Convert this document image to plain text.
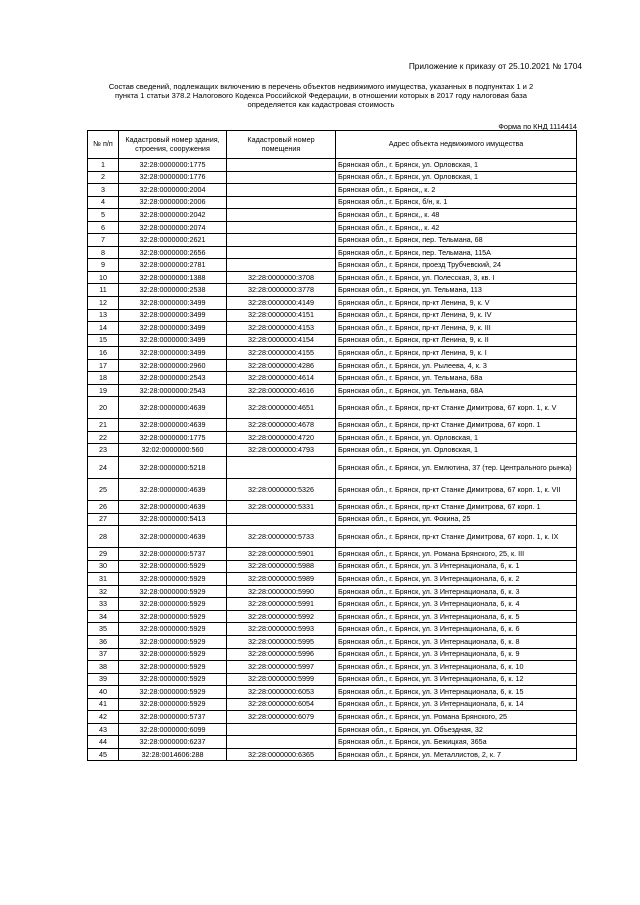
Приложение к приказу от 25.10.2021 № 1704
Состав сведений, подлежащих включению в перечень объектов недвижимого имущества, указанных в подпунктах 1 и 2 пункта 1 статьи 378.2 Налогового Кодекса Российской Федерации, в отношении которых в 2017 году налоговая база определяется как кадастровая стоимость
Форма по КНД 1114414
№ п/п	Кадастровый номер здания, строения, сооружения	Кадастровый номер помещения	Адрес объекта недвижимого имущества
1	32:28:0000000:1775		Брянская обл., г. Брянск, ул. Орловская, 1
2	32:28:0000000:1776		Брянская обл., г. Брянск, ул. Орловская, 1
3	32:28:0000000:2004		Брянская обл., г. Брянск,, к. 2
4	32:28:0000000:2006		Брянская обл., г. Брянск, б/н, к. 1
5	32:28:0000000:2042		Брянская обл., г. Брянск,, к. 48
6	32:28:0000000:2074		Брянская обл., г. Брянск,, к. 42
7	32:28:0000000:2621		Брянская обл., г. Брянск, пер. Тельмана, 68
8	32:28:0000000:2656		Брянская обл., г. Брянск, пер. Тельмана, 115А
9	32:28:0000000:2781		Брянская обл., г. Брянск, проезд Трубчевский, 24
10	32:28:0000000:1388	32:28:0000000:3708	Брянская обл., г. Брянск, ул. Полесская, 3, кв. I
11	32:28:0000000:2538	32:28:0000000:3778	Брянская обл., г. Брянск, ул. Тельмана, 113
12	32:28:0000000:3499	32:28:0000000:4149	Брянская обл., г. Брянск, пр-кт Ленина, 9, к. V
13	32:28:0000000:3499	32:28:0000000:4151	Брянская обл., г. Брянск, пр-кт Ленина, 9, к. IV
14	32:28:0000000:3499	32:28:0000000:4153	Брянская обл., г. Брянск, пр-кт Ленина, 9, к. III
15	32:28:0000000:3499	32:28:0000000:4154	Брянская обл., г. Брянск, пр-кт Ленина, 9, к. II
16	32:28:0000000:3499	32:28:0000000:4155	Брянская обл., г. Брянск, пр-кт Ленина, 9, к. I
17	32:28:0000000:2960	32:28:0000000:4286	Брянская обл., г. Брянск, ул. Рылеева, 4, к. 3
18	32:28:0000000:2543	32:28:0000000:4614	Брянская обл., г. Брянск, ул. Тельмана, 68а
19	32:28:0000000:2543	32:28:0000000:4616	Брянская обл., г. Брянск, ул. Тельмана, 68А
20	32:28:0000000:4639	32:28:0000000:4651	Брянская обл., г. Брянск, пр-кт Станке Димитрова, 67 корп. 1, к. V
21	32:28:0000000:4639	32:28:0000000:4678	Брянская обл., г. Брянск, пр-кт Станке Димитрова, 67 корп. 1
22	32:28:0000000:1775	32:28:0000000:4720	Брянская обл., г. Брянск, ул. Орловская, 1
23	32:02:0000000:560	32:28:0000000:4793	Брянская обл., г. Брянск, ул. Орловская, 1
24	32:28:0000000:5218		Брянская обл., г. Брянск, ул. Емлютина, 37 (тер. Центрального рынка)
25	32:28:0000000:4639	32:28:0000000:5326	Брянская обл., г. Брянск, пр-кт Станке Димитрова, 67 корп. 1, к. VII
26	32:28:0000000:4639	32:28:0000000:5331	Брянская обл., г. Брянск, пр-кт Станке Димитрова, 67 корп. 1
27	32:28:0000000:5413		Брянская обл., г. Брянск, ул. Фокина, 25
28	32:28:0000000:4639	32:28:0000000:5733	Брянская обл., г. Брянск, пр-кт Станке Димитрова, 67 корп. 1, к. IX
29	32:28:0000000:5737	32:28:0000000:5901	Брянская обл., г. Брянск, ул. Романа Брянского, 25, к. III
30	32:28:0000000:5929	32:28:0000000:5988	Брянская обл., г. Брянск, ул. 3 Интернационала, 6, к. 1
31	32:28:0000000:5929	32:28:0000000:5989	Брянская обл., г. Брянск, ул. 3 Интернационала, 6, к. 2
32	32:28:0000000:5929	32:28:0000000:5990	Брянская обл., г. Брянск, ул. 3 Интернационала, 6, к. 3
33	32:28:0000000:5929	32:28:0000000:5991	Брянская обл., г. Брянск, ул. 3 Интернационала, 6, к. 4
34	32:28:0000000:5929	32:28:0000000:5992	Брянская обл., г. Брянск, ул. 3 Интернационала, 6, к. 5
35	32:28:0000000:5929	32:28:0000000:5993	Брянская обл., г. Брянск, ул. 3 Интернационала, 6, к. 6
36	32:28:0000000:5929	32:28:0000000:5995	Брянская обл., г. Брянск, ул. 3 Интернационала, 6, к. 8
37	32:28:0000000:5929	32:28:0000000:5996	Брянская обл., г. Брянск, ул. 3 Интернационала, 6, к. 9
38	32:28:0000000:5929	32:28:0000000:5997	Брянская обл., г. Брянск, ул. 3 Интернационала, 6, к. 10
39	32:28:0000000:5929	32:28:0000000:5999	Брянская обл., г. Брянск, ул. 3 Интернационала, 6, к. 12
40	32:28:0000000:5929	32:28:0000000:6053	Брянская обл., г. Брянск, ул. 3 Интернационала, 6, к. 15
41	32:28:0000000:5929	32:28:0000000:6054	Брянская обл., г. Брянск, ул. 3 Интернационала, 6, к. 14
42	32:28:0000000:5737	32:28:0000000:6079	Брянская обл., г. Брянск, ул. Романа Брянского, 25
43	32:28:0000000:6099		Брянская обл., г. Брянск, ул. Объездная, 32
44	32:28:0000000:6237		Брянская обл., г. Брянск, ул. Бежицкая, 365а
45	32:28:0014606:288	32:28:0000000:6365	Брянская обл., г. Брянск, ул. Металлистов, 2, к. 7
